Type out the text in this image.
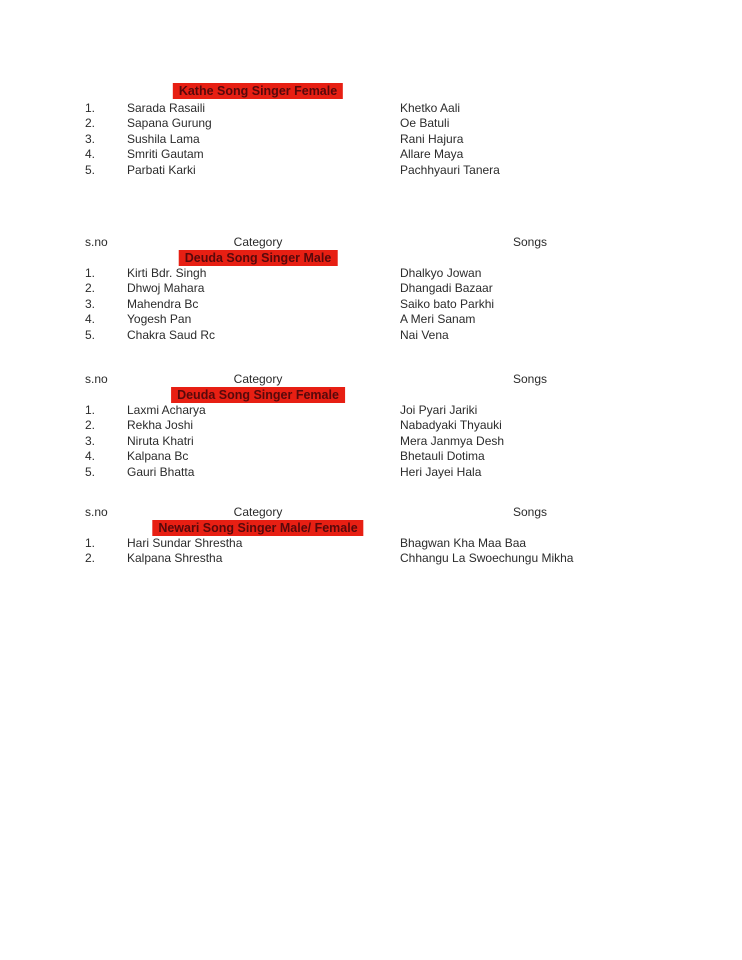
Kathe Song Singer Female
1.	Sarada Rasaili	Khetko Aali
2.	Sapana Gurung	Oe Batuli
3.	Sushila Lama	Rani Hajura
4.	Smriti Gautam	Allare Maya
5.	Parbati Karki	Pachhyauri Tanera
s.no	Category	Songs
Deuda Song Singer Male
1.	Kirti Bdr. Singh	Dhalkyo Jowan
2.	Dhwoj Mahara	Dhangadi Bazaar
3.	Mahendra Bc	Saiko bato Parkhi
4.	Yogesh Pan	A Meri Sanam
5.	Chakra Saud Rc	Nai Vena
s.no	Category	Songs
Deuda Song Singer Female
1.	Laxmi Acharya	Joi Pyari Jariki
2.	Rekha Joshi	Nabadyaki Thyauki
3.	Niruta Khatri	Mera Janmya Desh
4.	Kalpana Bc	Bhetauli Dotima
5.	Gauri Bhatta	Heri Jayei Hala
s.no	Category	Songs
Newari Song Singer Male/ Female
1.	Hari Sundar Shrestha	Bhagwan Kha Maa Baa
2.	Kalpana Shrestha	Chhangu La Swoechungu Mikha
